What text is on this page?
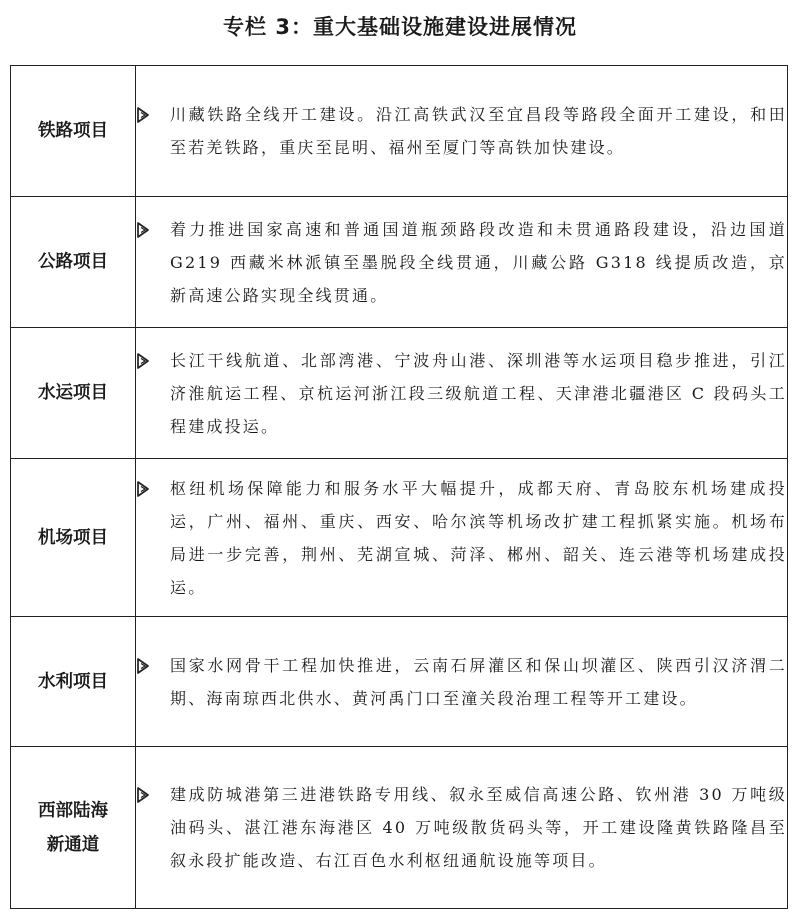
专栏 3：重大基础设施建设进展情况
铁路项目	川藏铁路全线开工建设。沿江高铁武汉至宜昌段等路段全面开工建设，和田至若羌铁路，重庆至昆明、福州至厦门等高铁加快建设。

公路项目	着力推进国家高速和普通国道瓶颈路段改造和未贯通路段建设，沿边国道 G219 西藏米林派镇至墨脱段全线贯通，川藏公路 G318 线提质改造，京新高速公路实现全线贯通。

水运项目	长江干线航道、北部湾港、宁波舟山港、深圳港等水运项目稳步推进，引江济淮航运工程、京杭运河浙江段三级航道工程、天津港北疆港区 C 段码头工程建成投运。

机场项目	枢纽机场保障能力和服务水平大幅提升，成都天府、青岛胶东机场建成投运，广州、福州、重庆、西安、哈尔滨等机场改扩建工程抓紧实施。机场布局进一步完善，荆州、芜湖宣城、菏泽、郴州、韶关、连云港等机场建成投运。

水利项目	国家水网骨干工程加快推进，云南石屏灌区和保山坝灌区、陕西引汉济渭二期、海南琼西北供水、黄河禹门口至潼关段治理工程等开工建设。

西部陆海
新通道	建成防城港第三进港铁路专用线、叙永至威信高速公路、钦州港 30 万吨级油码头、湛江港东海港区 40 万吨级散货码头等，开工建设隆黄铁路隆昌至叙永段扩能改造、右江百色水利枢纽通航设施等项目。
